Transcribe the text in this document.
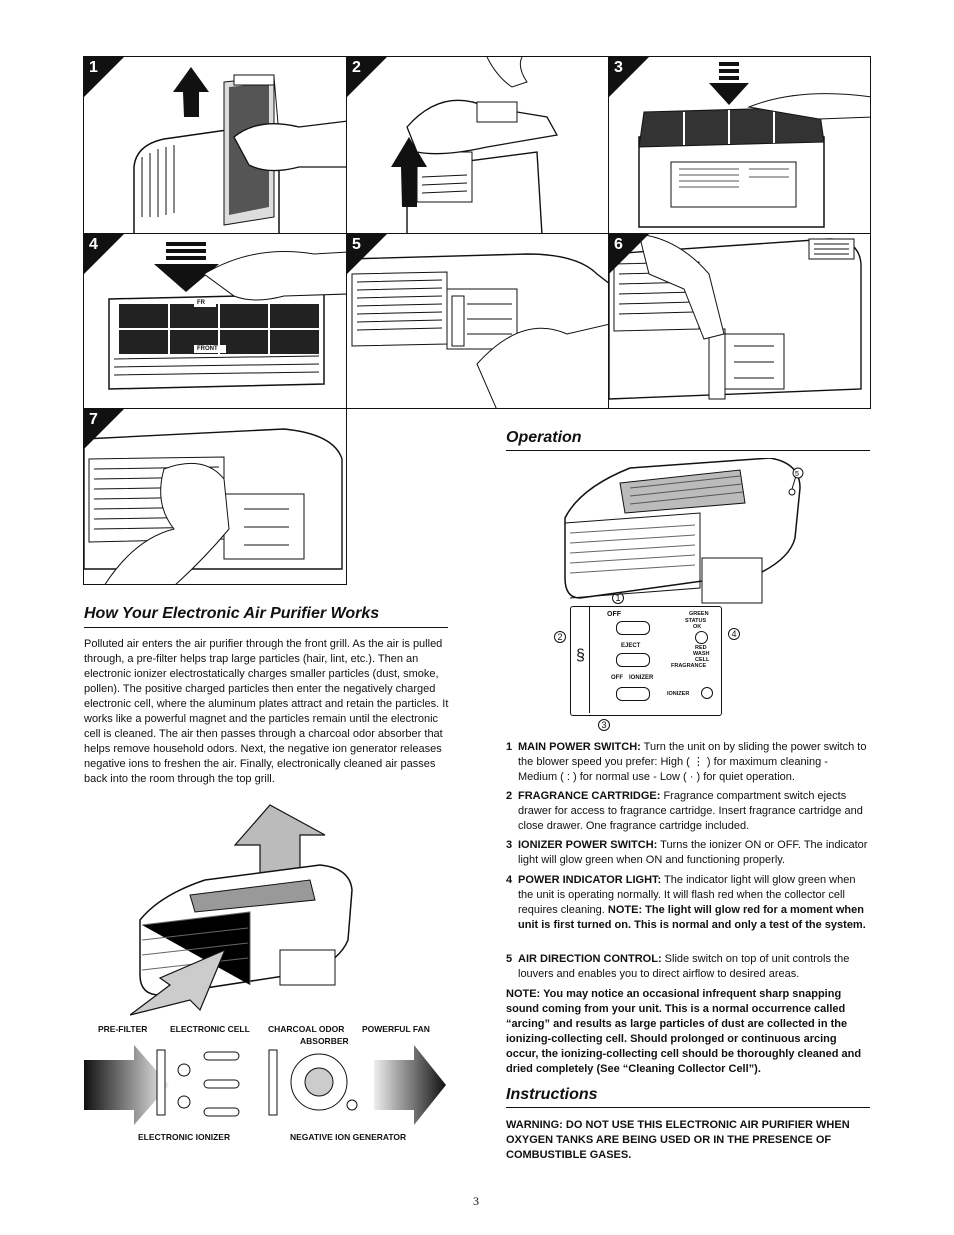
1	2	3
FR
FRONT
4	5	6
7
Operation
5
§
OFF
EJECT
OFF IONIZER
GREEN
STATUS
OK
RED
WASH
CELL
FRAGRANCE
IONIZER
1
2
3
4
1 MAIN POWER SWITCH: Turn the unit on by sliding the power switch to the blower speed you prefer: High ( ⋮ ) for maximum cleaning - Medium ( : ) for normal use - Low ( · ) for quiet operation.
2 FRAGRANCE CARTRIDGE: Fragrance compartment switch ejects drawer for access to fragrance cartridge. Insert fragrance cartridge and close drawer. One fragrance cartridge included.
3 IONIZER POWER SWITCH: Turns the ionizer ON or OFF. The indicator light will glow green when ON and functioning properly.
4 POWER INDICATOR LIGHT: The indicator light will glow green when the unit is operating normally. It will flash red when the collector cell requires cleaning. NOTE: The light will glow red for a moment when unit is first turned on. This is normal and only a test of the system.
5 AIR DIRECTION CONTROL: Slide switch on top of unit controls the louvers and enables you to direct airflow to desired areas.
NOTE: You may notice an occasional infrequent sharp snapping sound coming from your unit. This is a normal occurrence called “arcing” and results as large particles of dust are collected in the ionizing-collecting cell. Should prolonged or continuous arcing occur, the ionizing-collecting cell should be thoroughly cleaned and dried completely (See “Cleaning Collector Cell”).
Instructions
WARNING: DO NOT USE THIS ELECTRONIC AIR PURIFIER WHEN OXYGEN TANKS ARE BEING USED OR IN THE PRESENCE OF COMBUSTIBLE GASES.
How Your Electronic Air Purifier Works

Polluted air enters the air purifier through the front grill. As the air is pulled through, a pre-filter helps trap large particles (hair, lint, etc.). Then an electronic ionizer electrostatically charges smaller particles (dust, smoke, pollen). The positive charged particles then enter the negatively charged electronic cell, where the aluminum plates attract and retain the particles. It works like a powerful magnet and the particles remain until the electronic cell is cleaned. The air then passes through a charcoal odor absorber that helps remove household odors. Next, the negative ion generator releases negative ions to freshen the air. Finally, electronically cleaned air passes back into the room through the top grill.

PRE-FILTER	ELECTRONIC CELL CHARCOAL ODOR
ABSORBER
POWERFUL FAN
ELECTRONIC IONIZER	NEGATIVE ION GENERATOR
3
